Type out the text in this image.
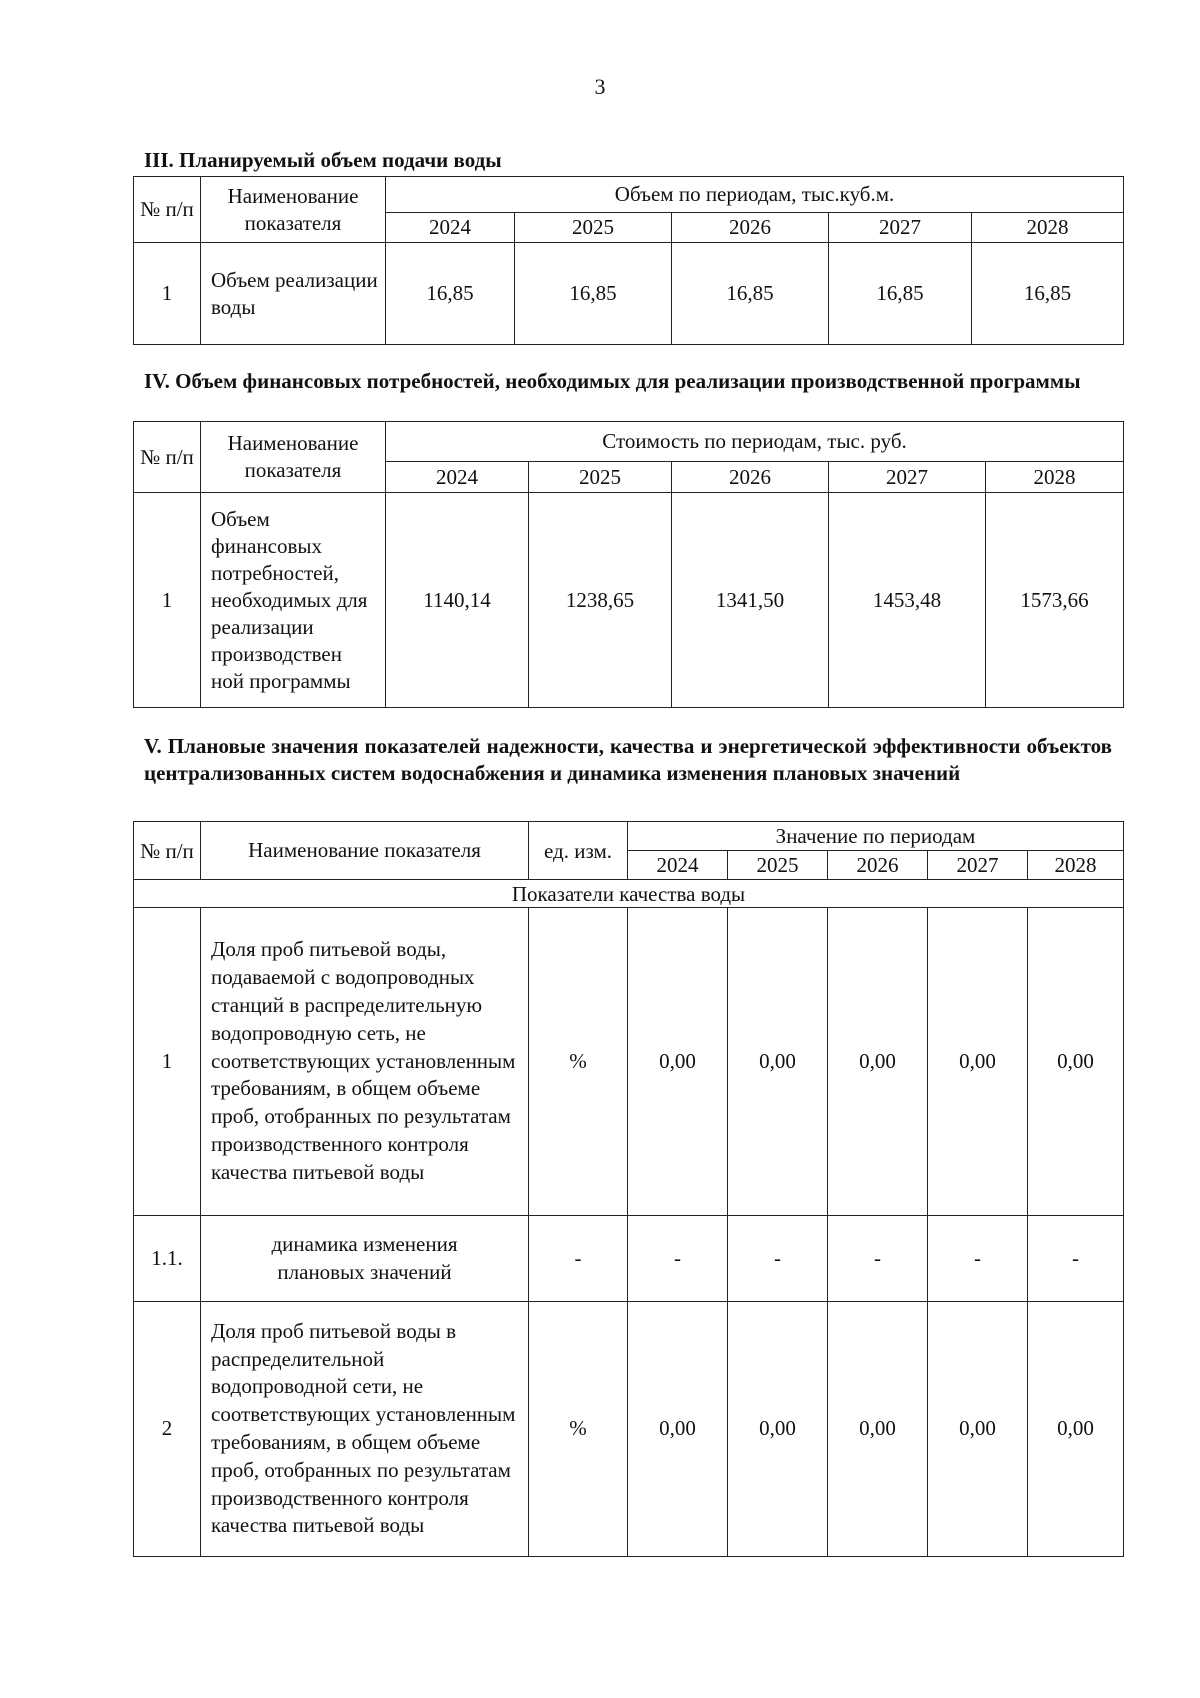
3
III. Планируемый объем подачи воды
№ п/п	Наименование показателя	Объем по периодам, тыс.куб.м.				
		2024	2025	2026	2027	2028
1	Объем реализации воды	16,85	16,85	16,85	16,85	16,85
IV. Объем финансовых потребностей, необходимых для реализации производственной программы
№ п/п	Наименование показателя	Стоимость по периодам, тыс. руб.				
		2024	2025	2026	2027	2028
1	Объем финансовых потребностей, необходимых для реализации производствен ной программы	1140,14	1238,65	1341,50	1453,48	1573,66
V. Плановые значения показателей надежности, качества и энергетической эффективности объектов централизованных систем водоснабжения и динамика изменения плановых значений
№ п/п	Наименование показателя	ед. изм.	Значение по периодам				
			2024	2025	2026	2027	2028
Показатели качества воды							
1	Доля проб питьевой воды, подаваемой с водопроводных станций в распределительную водопроводную сеть, не соответствующих установленным требованиям, в общем объеме проб, отобранных по результатам производственного контроля качества питьевой воды	%	0,00	0,00	0,00	0,00	0,00
1.1.	динамика изменения плановых значений	-	-	-	-	-	-
2	Доля проб питьевой воды в распределительной водопроводной сети, не соответствующих установленным требованиям, в общем объеме проб, отобранных по результатам производственного контроля качества питьевой воды	%	0,00	0,00	0,00	0,00	0,00
